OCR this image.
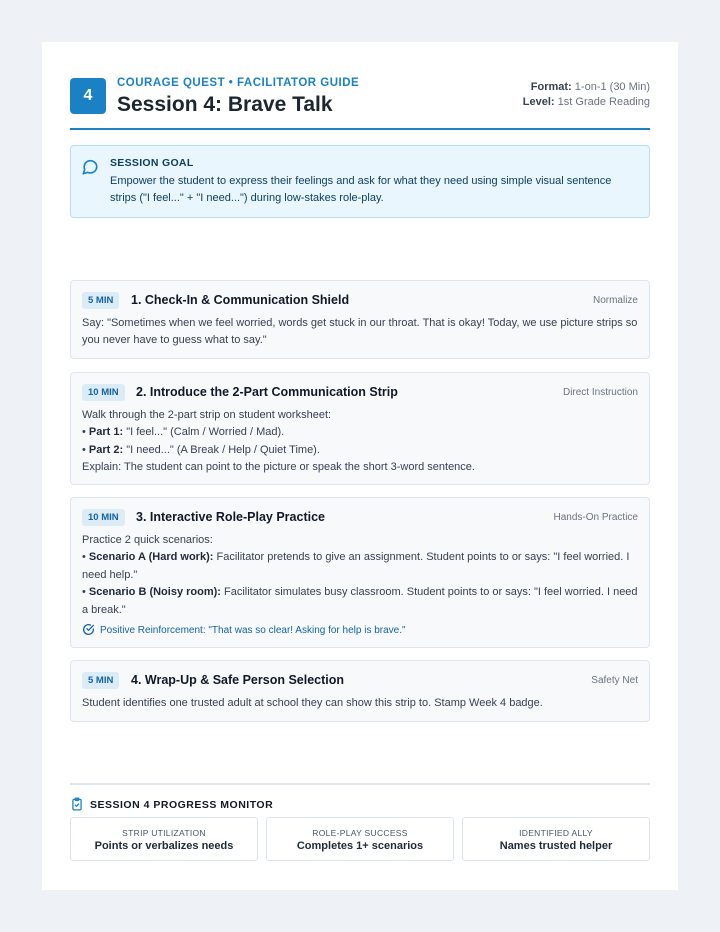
4
COURAGE QUEST • FACILITATOR GUIDE
Session 4: Brave Talk
Format: 1-on-1 (30 Min)
Level: 1st Grade Reading
SESSION GOAL
Empower the student to express their feelings and ask for what they need using simple visual sentence strips ("I feel..." + "I need...") during low-stakes role-play.
5 MIN	1. Check-In & Communication Shield	Normalize
Say: "Sometimes when we feel worried, words get stuck in our throat. That is okay! Today, we use picture strips so you never have to guess what to say."
10 MIN	2. Introduce the 2-Part Communication Strip	Direct Instruction
Walk through the 2-part strip on student worksheet:
• Part 1: "I feel..." (Calm / Worried / Mad).
• Part 2: "I need..." (A Break / Help / Quiet Time).
Explain: The student can point to the picture or speak the short 3-word sentence.
10 MIN	3. Interactive Role-Play Practice	Hands-On Practice
Practice 2 quick scenarios:
• Scenario A (Hard work): Facilitator pretends to give an assignment. Student points to or says: "I feel worried. I need help."
• Scenario B (Noisy room): Facilitator simulates busy classroom. Student points to or says: "I feel worried. I need a break."
Positive Reinforcement: "That was so clear! Asking for help is brave."
5 MIN	4. Wrap-Up & Safe Person Selection	Safety Net
Student identifies one trusted adult at school they can show this strip to. Stamp Week 4 badge.
SESSION 4 PROGRESS MONITOR
STRIP UTILIZATION
Points or verbalizes needs
ROLE-PLAY SUCCESS
Completes 1+ scenarios
IDENTIFIED ALLY
Names trusted helper
